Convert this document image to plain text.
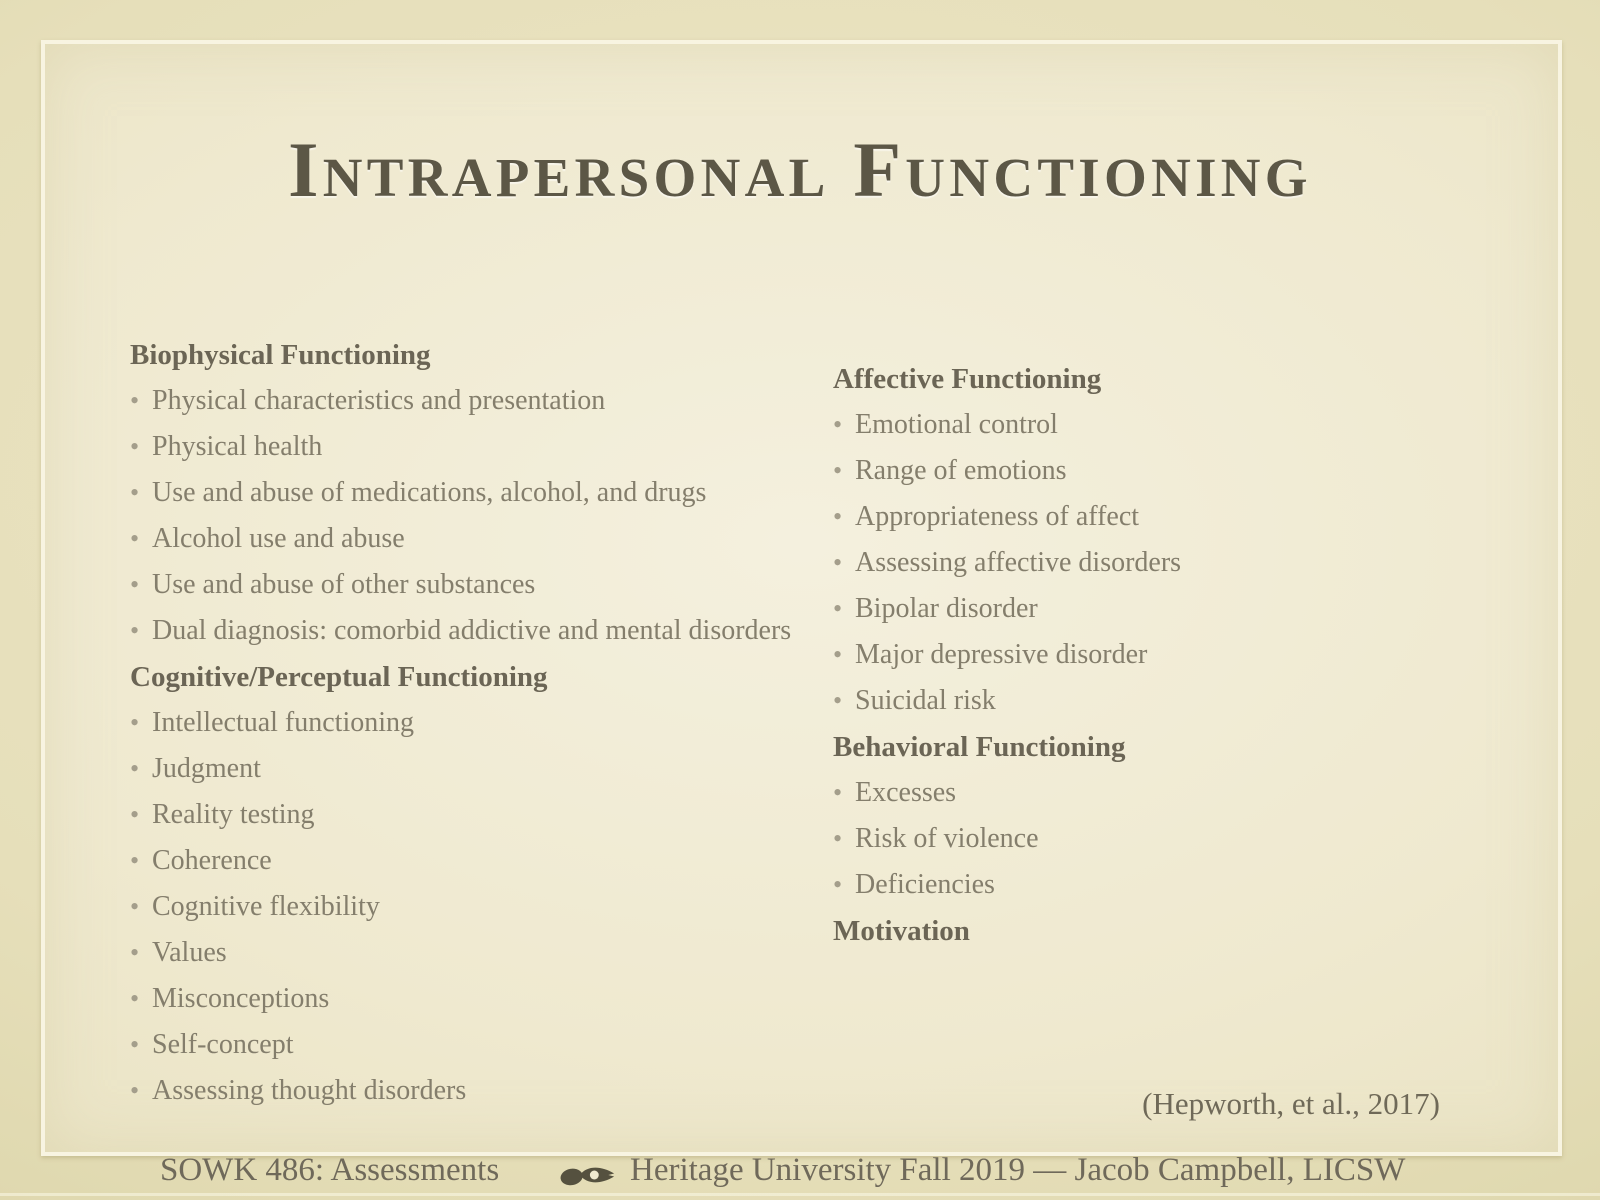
Intrapersonal Functioning
Biophysical Functioning
• Physical characteristics and presentation
• Physical health
• Use and abuse of medications, alcohol, and drugs
• Alcohol use and abuse
• Use and abuse of other substances
• Dual diagnosis: comorbid addictive and mental disorders
Cognitive/Perceptual Functioning
• Intellectual functioning
• Judgment
• Reality testing
• Coherence
• Cognitive flexibility
• Values
• Misconceptions
• Self-concept
• Assessing thought disorders
Affective Functioning
• Emotional control
• Range of emotions
• Appropriateness of affect
• Assessing affective disorders
• Bipolar disorder
• Major depressive disorder
• Suicidal risk
Behavioral Functioning
• Excesses
• Risk of violence
• Deficiencies
Motivation
(Hepworth, et al., 2017)
SOWK 486: Assessments	Heritage University Fall 2019 — Jacob Campbell, LICSW
